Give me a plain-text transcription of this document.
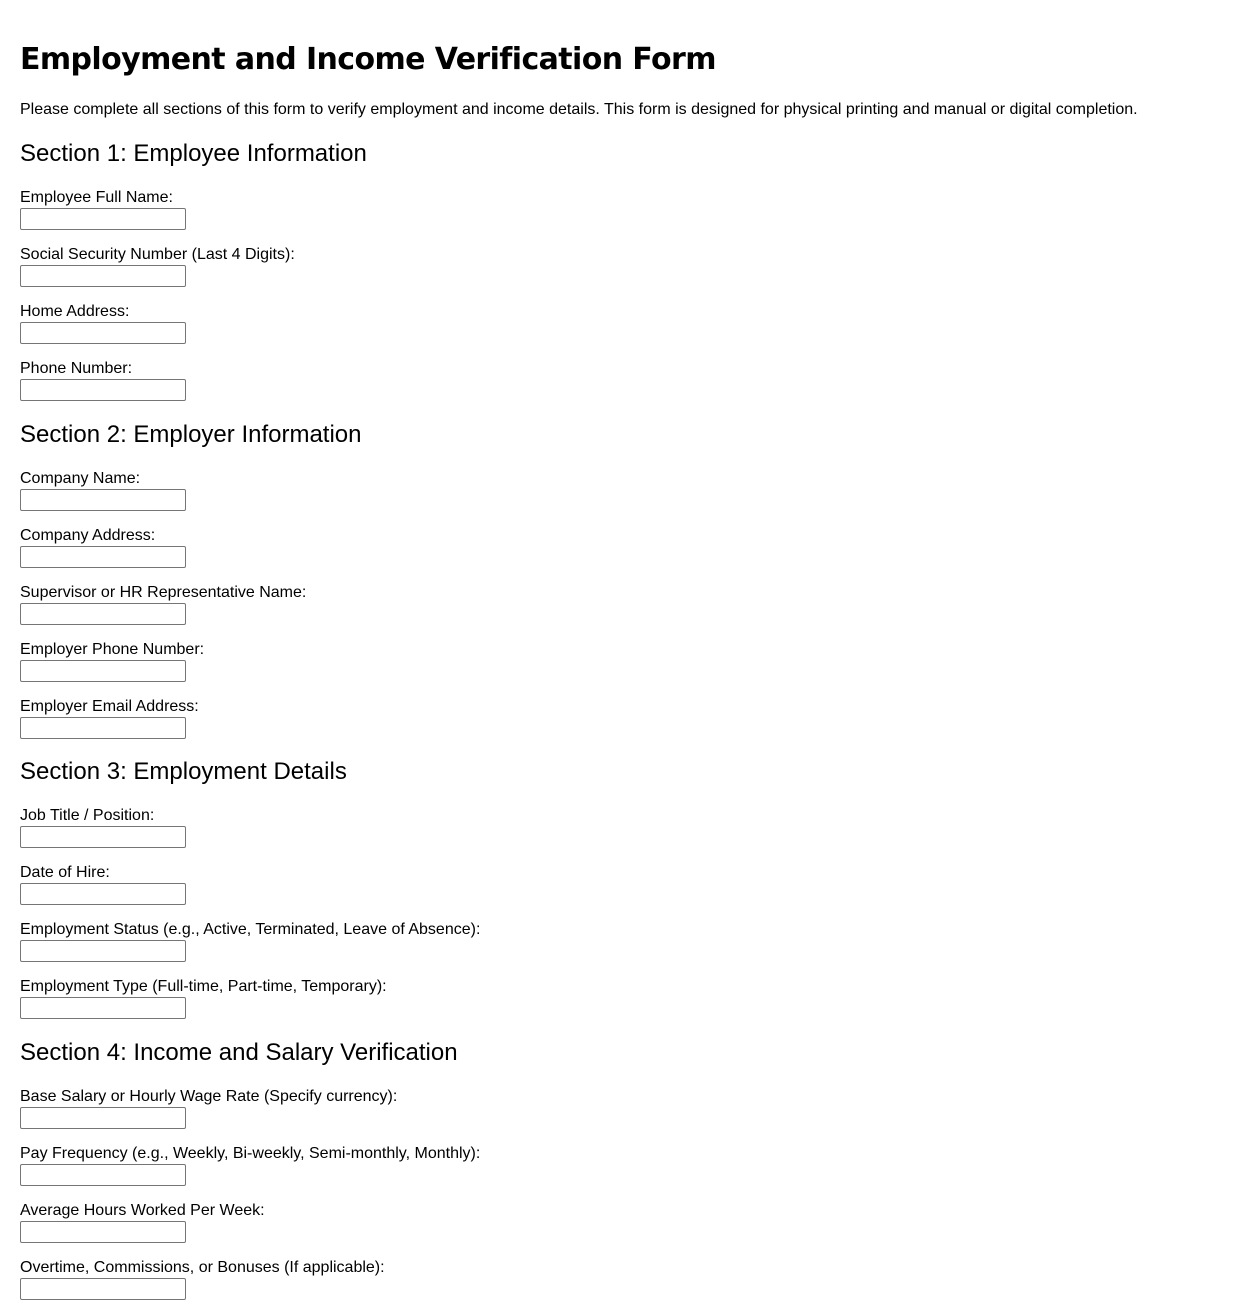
Employment and Income Verification Form

Please complete all sections of this form to verify employment and income details. This form is designed for physical printing and manual or digital completion.

Section 1: Employee Information
Employee Full Name:
Social Security Number (Last 4 Digits):
Home Address:
Phone Number:
Section 2: Employer Information
Company Name:
Company Address:
Supervisor or HR Representative Name:
Employer Phone Number:
Employer Email Address:
Section 3: Employment Details
Job Title / Position:
Date of Hire:
Employment Status (e.g., Active, Terminated, Leave of Absence):
Employment Type (Full-time, Part-time, Temporary):
Section 4: Income and Salary Verification
Base Salary or Hourly Wage Rate (Specify currency):
Pay Frequency (e.g., Weekly, Bi-weekly, Semi-monthly, Monthly):
Average Hours Worked Per Week:
Overtime, Commissions, or Bonuses (If applicable):
